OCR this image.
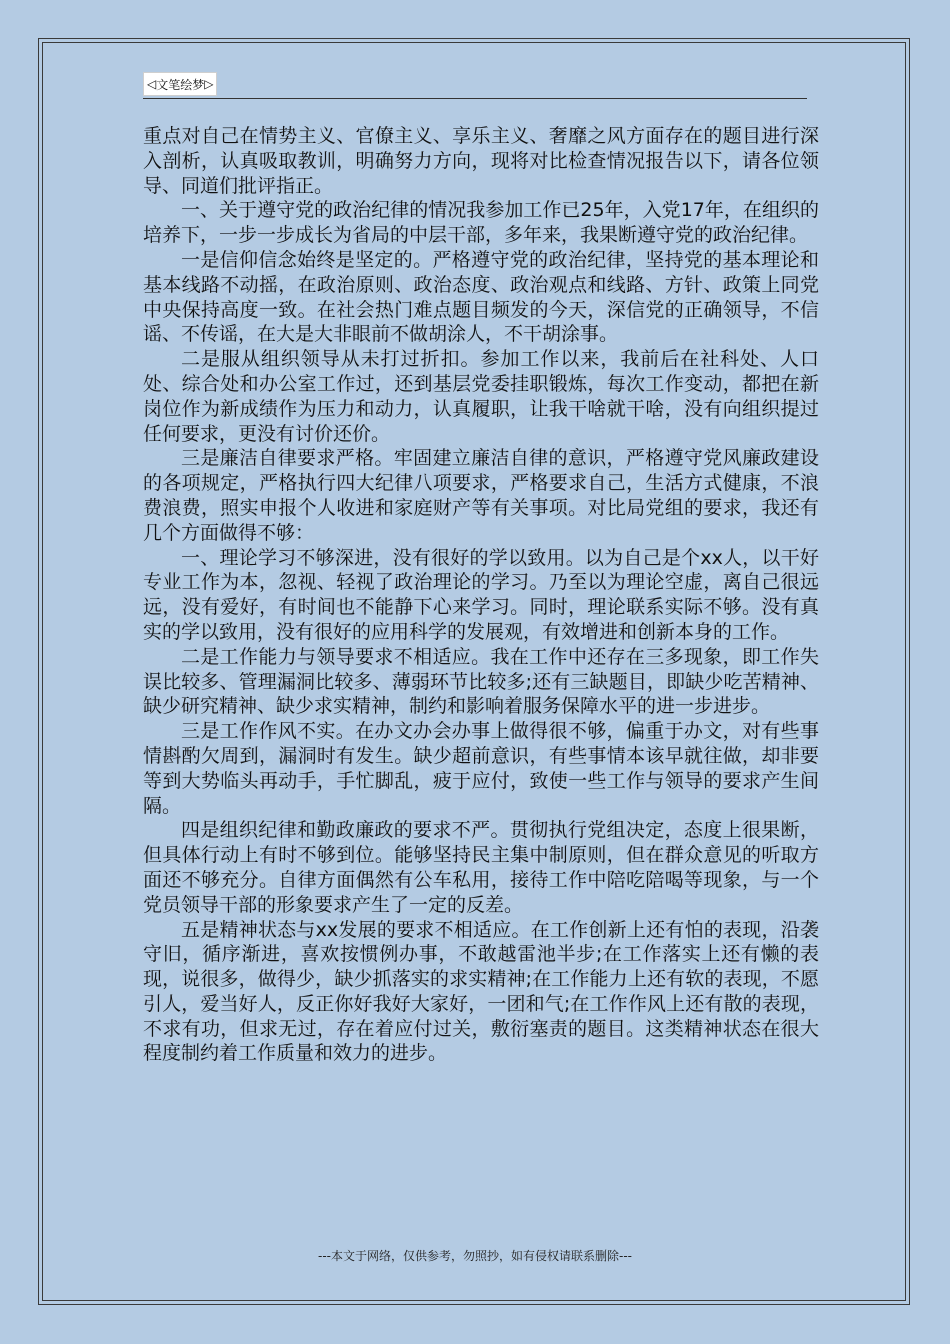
◁ 文笔绘梦 ▷

重点对自己在情势主义、官僚主义、享乐主义、奢靡之风方面存在的题目进行深入剖析，认真吸取教训，明确努力方向，现将对比检查情况报告以下，请各位领导、同道们批评指正。

一、关于遵守党的政治纪律的情况我参加工作已25年，入党17年，在组织的培养下，一步一步成长为省局的中层干部，多年来，我果断遵守党的政治纪律。

一是信仰信念始终是坚定的。严格遵守党的政治纪律，坚持党的基本理论和基本线路不动摇，在政治原则、政治态度、政治观点和线路、方针、政策上同党中央保持高度一致。在社会热门难点题目频发的今天，深信党的正确领导，不信谣、不传谣，在大是大非眼前不做胡涂人，不干胡涂事。

二是服从组织领导从未打过折扣。参加工作以来，我前后在社科处、人口处、综合处和办公室工作过，还到基层党委挂职锻炼，每次工作变动，都把在新岗位作为新成绩作为压力和动力，认真履职，让我干啥就干啥，没有向组织提过任何要求，更没有讨价还价。

三是廉洁自律要求严格。牢固建立廉洁自律的意识，严格遵守党风廉政建设的各项规定，严格执行四大纪律八项要求，严格要求自己，生活方式健康，不浪费浪费，照实申报个人收进和家庭财产等有关事项。对比局党组的要求，我还有几个方面做得不够：

一、理论学习不够深进，没有很好的学以致用。以为自己是个xx人，以干好专业工作为本，忽视、轻视了政治理论的学习。乃至以为理论空虚，离自己很远远，没有爱好，有时间也不能静下心来学习。同时，理论联系实际不够。没有真实的学以致用，没有很好的应用科学的发展观，有效增进和创新本身的工作。

二是工作能力与领导要求不相适应。我在工作中还存在三多现象，即工作失误比较多、管理漏洞比较多、薄弱环节比较多;还有三缺题目，即缺少吃苦精神、缺少研究精神、缺少求实精神，制约和影响着服务保障水平的进一步进步。

三是工作作风不实。在办文办会办事上做得很不够，偏重于办文，对有些事情斟酌欠周到，漏洞时有发生。缺少超前意识，有些事情本该早就往做，却非要等到大势临头再动手，手忙脚乱，疲于应付，致使一些工作与领导的要求产生间隔。

四是组织纪律和勤政廉政的要求不严。贯彻执行党组决定，态度上很果断，但具体行动上有时不够到位。能够坚持民主集中制原则，但在群众意见的听取方面还不够充分。自律方面偶然有公车私用，接待工作中陪吃陪喝等现象，与一个党员领导干部的形象要求产生了一定的反差。

五是精神状态与xx发展的要求不相适应。在工作创新上还有怕的表现，沿袭守旧，循序渐进，喜欢按惯例办事，不敢越雷池半步;在工作落实上还有懒的表现，说很多，做得少，缺少抓落实的求实精神;在工作能力上还有软的表现，不愿引人，爱当好人，反正你好我好大家好，一团和气;在工作作风上还有散的表现，不求有功，但求无过，存在着应付过关，敷衍塞责的题目。这类精神状态在很大程度制约着工作质量和效力的进步。

---本文于网络，仅供参考，勿照抄，如有侵权请联系删除---
